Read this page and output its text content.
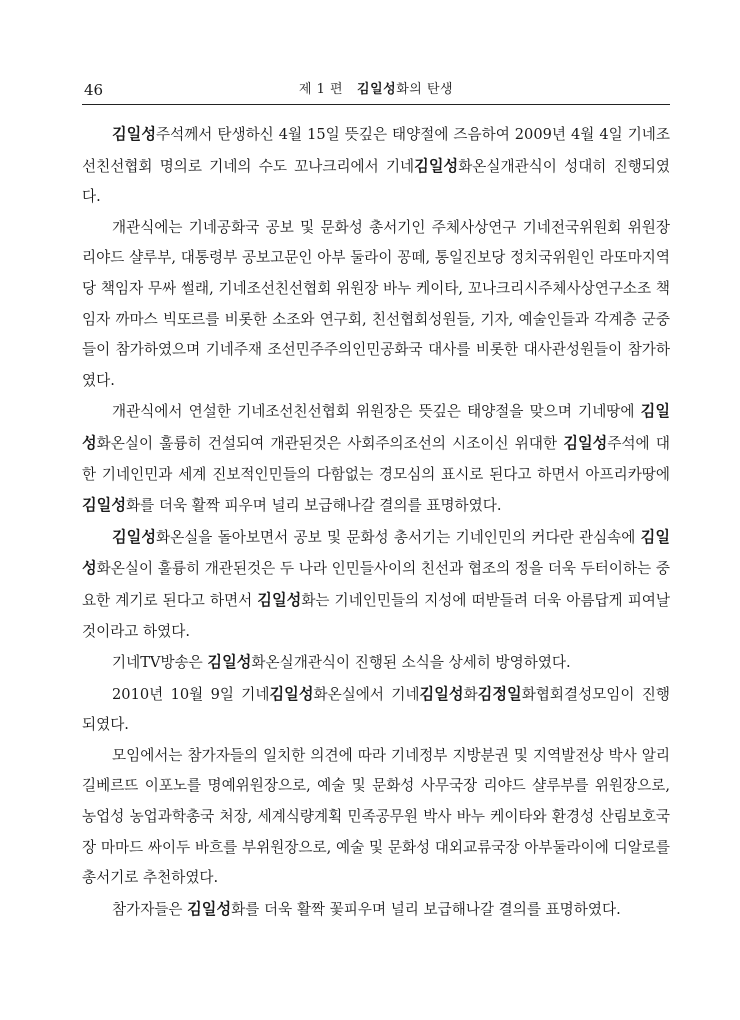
46	제 1 편 김일성화의 탄생

김일성주석께서 탄생하신 4월 15일 뜻깊은 태양절에 즈음하여 2009년 4월 4일 기네조선친선협회 명의로 기네의 수도 꼬나크리에서 기네김일성화온실개관식이 성대히 진행되였다.

개관식에는 기네공화국 공보 및 문화성 총서기인 주체사상연구 기네전국위원회 위원장 리야드 샬루부, 대통령부 공보고문인 아부 둘라이 꽁떼, 통일진보당 정치국위원인 라또마지역당 책임자 무싸 썰래, 기네조선친선협회 위원장 바누 케이타, 꼬나크리시주체사상연구소조 책임자 까마스 빅또르를 비롯한 소조와 연구회, 친선협회성원들, 기자, 예술인들과 각계층 군중들이 참가하였으며 기네주재 조선민주주의인민공화국 대사를 비롯한 대사관성원들이 참가하였다.

개관식에서 연설한 기네조선친선협회 위원장은 뜻깊은 태양절을 맞으며 기네땅에 김일성화온실이 훌륭히 건설되여 개관된것은 사회주의조선의 시조이신 위대한 김일성주석에 대한 기네인민과 세계 진보적인민들의 다함없는 경모심의 표시로 된다고 하면서 아프리카땅에 김일성화를 더욱 활짝 피우며 널리 보급해나갈 결의를 표명하였다.

김일성화온실을 돌아보면서 공보 및 문화성 총서기는 기네인민의 커다란 관심속에 김일성화온실이 훌륭히 개관된것은 두 나라 인민들사이의 친선과 협조의 정을 더욱 두터이하는 중요한 계기로 된다고 하면서 김일성화는 기네인민들의 지성에 떠받들려 더욱 아름답게 피여날것이라고 하였다.

기네TV방송은 김일성화온실개관식이 진행된 소식을 상세히 방영하였다.

2010년 10월 9일 기네김일성화온실에서 기네김일성화김정일화협회결성모임이 진행되였다.

모임에서는 참가자들의 일치한 의견에 따라 기네정부 지방분권 및 지역발전상 박사 알리 길베르뜨 이포노를 명예위원장으로, 예술 및 문화성 사무국장 리야드 샬루부를 위원장으로, 농업성 농업과학총국 처장, 세계식량계획 민족공무원 박사 바누 케이타와 환경성 산림보호국장 마마드 싸이두 바흐를 부위원장으로, 예술 및 문화성 대외교류국장 아부둘라이에 디알로를 총서기로 추천하였다.

참가자들은 김일성화를 더욱 활짝 꽃피우며 널리 보급해나갈 결의를 표명하였다.
